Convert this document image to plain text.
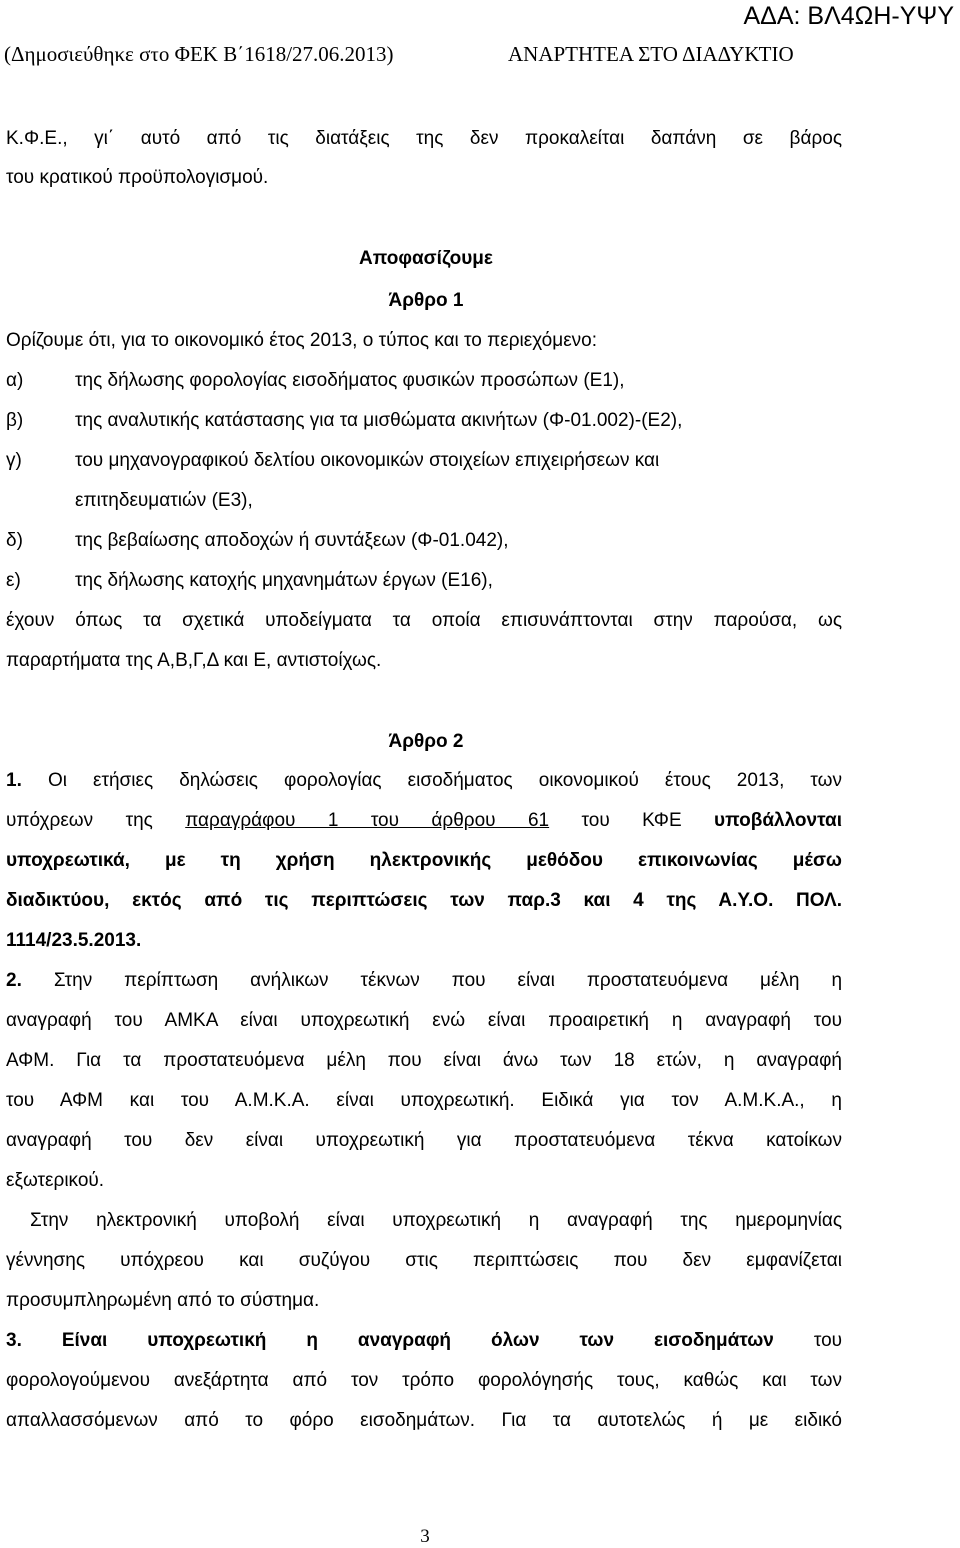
ΑΔΑ: ΒΛ4ΩΗ-ΥΨΥ
(Δημοσιεύθηκε στο ΦΕΚ Β΄1618/27.06.2013)	ΑΝΑΡΤΗΤΕΑ ΣΤΟ ΔΙΑΔΥΚΤΙΟ
Κ.Φ.Ε., γι΄ αυτό από τις διατάξεις της δεν προκαλείται δαπάνη σε βάρος
του κρατικού προϋπολογισμού.
Αποφασίζουμε
Άρθρο 1
Ορίζουμε ότι, για το οικονομικό έτος 2013, ο τύπος και το περιεχόμενο:
α)	της δήλωσης φορολογίας εισοδήματος φυσικών προσώπων (Ε1),
β)	της αναλυτικής κατάστασης για τα μισθώματα ακινήτων (Φ-01.002)-(Ε2),
γ)	του μηχανογραφικού δελτίου οικονομικών στοιχείων επιχειρήσεων και
επιτηδευματιών (Ε3),
δ)	της βεβαίωσης αποδοχών ή συντάξεων (Φ-01.042),
ε)	της δήλωσης κατοχής μηχανημάτων έργων (Ε16),
έχουν όπως τα σχετικά υποδείγματα τα οποία επισυνάπτονται στην παρούσα, ως
παραρτήματα της Α,Β,Γ,Δ και Ε, αντιστοίχως.
Άρθρο 2
1. Οι ετήσιες δηλώσεις φορολογίας εισοδήματος οικονομικού έτους 2013, των
υπόχρεων της παραγράφου 1 του άρθρου 61 του ΚΦΕ υποβάλλονται
υποχρεωτικά, με τη χρήση ηλεκτρονικής μεθόδου επικοινωνίας μέσω
διαδικτύου, εκτός από τις περιπτώσεις των παρ.3 και 4 της Α.Υ.Ο. ΠΟΛ.
1114/23.5.2013.
2. Στην περίπτωση ανήλικων τέκνων που είναι προστατευόμενα μέλη η
αναγραφή του ΑΜΚΑ είναι υποχρεωτική ενώ είναι προαιρετική η αναγραφή του
ΑΦΜ. Για τα προστατευόμενα μέλη που είναι άνω των 18 ετών, η αναγραφή
του ΑΦΜ και του Α.Μ.Κ.Α. είναι υποχρεωτική. Ειδικά για τον Α.Μ.Κ.Α., η
αναγραφή του δεν είναι υποχρεωτική για προστατευόμενα τέκνα κατοίκων
εξωτερικού.
Στην ηλεκτρονική υποβολή είναι υποχρεωτική η αναγραφή της ημερομηνίας
γέννησης υπόχρεου και συζύγου στις περιπτώσεις που δεν εμφανίζεται
προσυμπληρωμένη από το σύστημα.
3. Είναι υποχρεωτική η αναγραφή όλων των εισοδημάτων του
φορολογούμενου ανεξάρτητα από τον τρόπο φορολόγησής τους, καθώς και των
απαλλασσόμενων από το φόρο εισοδημάτων. Για τα αυτοτελώς ή με ειδικό
3
